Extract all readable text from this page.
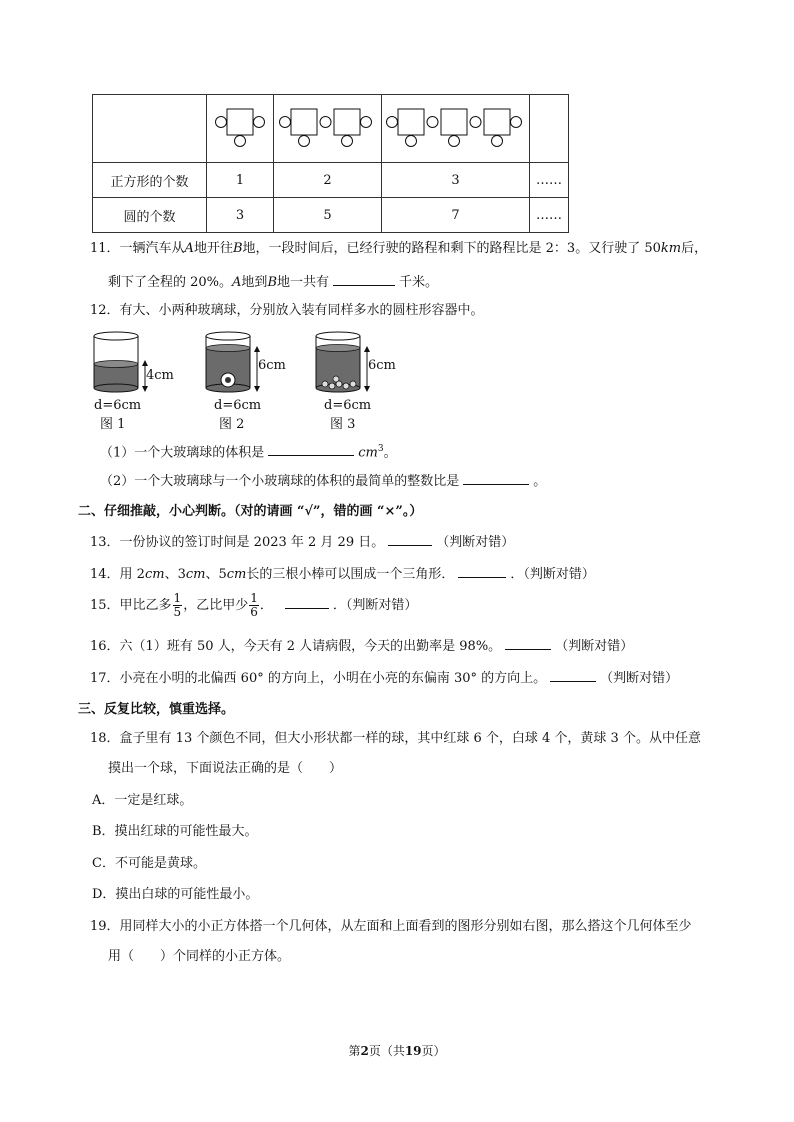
正方形的个数	1	2	3	……
圆的个数	3	5	7	……
11．一辆汽车从A地开往B地，一段时间后，已经行驶的路程和剩下的路程比是 2：3。又行驶了 50km后，
剩下了全程的 20%。A地到B地一共有	千米。
12．有大、小两种玻璃球，分别放入装有同样多水的圆柱形容器中。
4cm
d=6cm
图 1
6cm
d=6cm
图 2
6cm
d=6cm
图 3
（1）一个大玻璃球的体积是	$cm^3$。
（2）一个大玻璃球与一个小玻璃球的体积的最简单的整数比是	。
二、仔细推敲，小心判断。（对的请画 “√”，错的画 “×”。）
13．一份协议的签订时间是 2023 年 2 月 29 日。	（判断对错）
14．用 2cm、3cm、5cm长的三根小棒可以围成一个三角形．	．（判断对错）
15．甲比乙多 $\frac{1}{5}$ ，乙比甲少 $\frac{1}{6}$ ．	．（判断对错）
16．六（1）班有 50 人，今天有 2 人请病假，今天的出勤率是 98%。	（判断对错）
17．小亮在小明的北偏西 60° 的方向上，小明在小亮的东偏南 30° 的方向上。	（判断对错）
三、反复比较，慎重选择。
18．盒子里有 13 个颜色不同，但大小形状都一样的球，其中红球 6 个，白球 4 个，黄球 3 个。从中任意
摸出一个球，下面说法正确的是（　　）
A．一定是红球。
B．摸出红球的可能性最大。
C．不可能是黄球。
D．摸出白球的可能性最小。
19．用同样大小的小正方体搭一个几何体，从左面和上面看到的图形分别如右图，那么搭这个几何体至少
用（　　）个同样的小正方体。
第2页（共19页）
